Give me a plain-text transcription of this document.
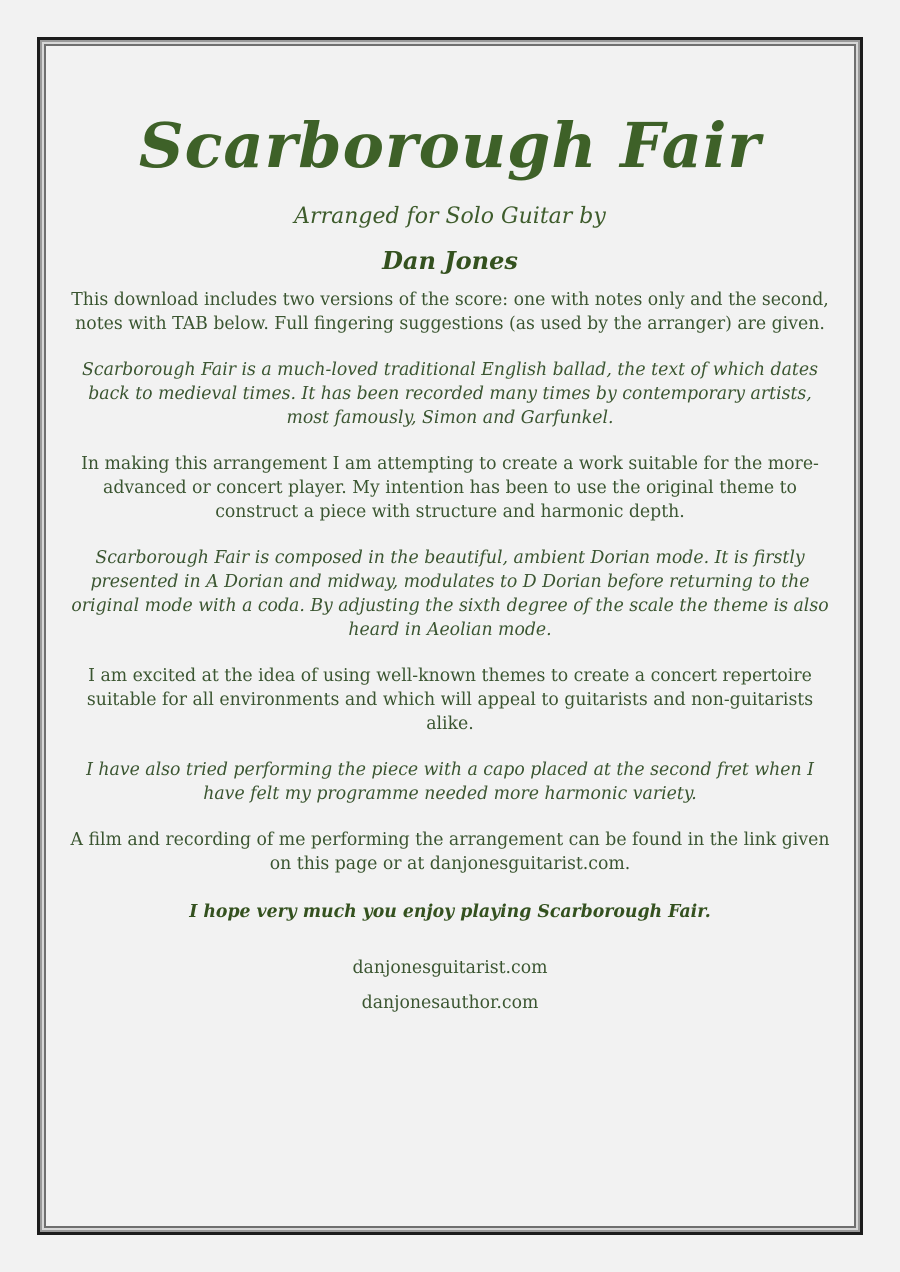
Scarborough Fair
Arranged for Solo Guitar by
Dan Jones

This download includes two versions of the score: one with notes only and the second, notes with TAB below. Full fingering suggestions (as used by the arranger) are given.

Scarborough Fair is a much-loved traditional English ballad, the text of which dates back to medieval times. It has been recorded many times by contemporary artists, most famously, Simon and Garfunkel.

In making this arrangement I am attempting to create a work suitable for the more-advanced or concert player. My intention has been to use the original theme to construct a piece with structure and harmonic depth.

Scarborough Fair is composed in the beautiful, ambient Dorian mode. It is firstly presented in A Dorian and midway, modulates to D Dorian before returning to the original mode with a coda. By adjusting the sixth degree of the scale the theme is also heard in Aeolian mode.

I am excited at the idea of using well-known themes to create a concert repertoire suitable for all environments and which will appeal to guitarists and non-guitarists alike.

I have also tried performing the piece with a capo placed at the second fret when I have felt my programme needed more harmonic variety.

A film and recording of me performing the arrangement can be found in the link given on this page or at danjonesguitarist.com.

I hope very much you enjoy playing Scarborough Fair.
danjonesguitarist.com
danjonesauthor.com
